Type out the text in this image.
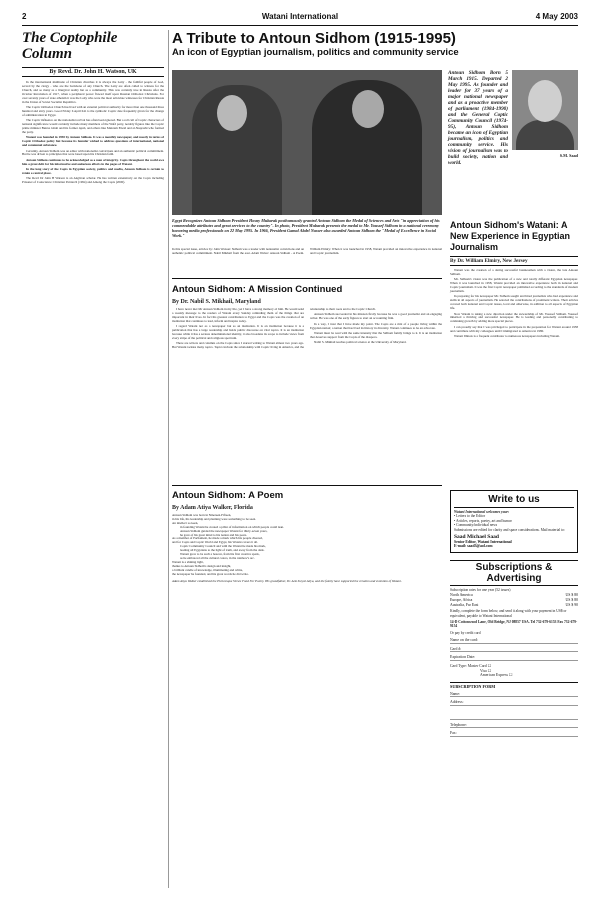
2	Watani International	4 May 2003
The Coptophile Column
By Revd. Dr. John H. Watson, UK

In the international multitude of Christian churches it is always the Laity - the faithful people of God, served by the clergy - who are the backbone of any Church. The Laity are often called to witness for the Church, and so many as a liturgical reality but as a community. This was certainly true in Russia after the October Revolution of 1917, when a peripheral power flowed itself upon Russian Orthodox Christians. For over seventy years of state atheism it was the Laity who were the most articulate witnesses for Christian Russia in the Union of Soviet Socialist Republics.

The Coptic Orthodox Church has lived with an external political authority for more than one thousand three hundred and sixty years. Good Friday 6 April 641 is the symbolic Coptic date frequently given for the change of administration in Egypt.

The Coptic influence on the nationalist revival has often been ignored. But a roll call of Coptic characters of national significance would certainly include many members of the Wafd party, notably figures like the Coptic prime minister Butrus Ghali and his former Ayub, and others like Makram Ebeid and al-Nuqrashi who formed the party.

Watani was founded in 1958 by Antoun Sidhom. It was a monthly newspaper, and mostly in terms of Coptic Orthodox policy but because its founder wished to address questions of international, national and communal substance.

Certainly, Antoun Sidhom was an editor with nationalist convictions and an authentic political commitment. But he was driven to principles that were based upon his Christian faith.

Antoun Sidhom continues to be acknowledged as a man of integrity. Copts throughout the world owe him a great debt for his informative and audacious efforts in the pages of Watani.

In the long story of the Copts in Egyptian society, politics and media, Antoun Sidhom is certain to retain a central place.

The Revd Dr John H Watson is an Anglican scholar. He has written extensively on the Copts including Prisoner of Conscience: Christian Patriarch (1994) and Among the Copts (2000).

A Tribute to Antoun Sidhom (1915-1995)
An icon of Egyptian journalism, politics and community service
Egypt Recognizes Antoun Sidhom President Hosny Mubarak posthumously granted Antoun Sidhom the Medal of Sciences and Arts "in appreciation of his commendable attributes and great services to the country". In photo, President Mubarak presents the medal to Mr. Youssef Sidhom in a national ceremony honoring media professionals on 22 May 1995. In 1966, President Gamal Abdel Nasser also awarded Antoun Sidhom the "Medal of Excellence in Social Work."
Antoun Sidhom Born 5 March 1915. Departed 2 May 1995. As founder and leader for 37 years of a major national newspaper and as a proactive member of parliament (1984-1990) and the General Coptic Community Council (1974-95), Antoun Sidhom became an icon of Egyptian journalism, politics and community service. His vision of journalism was to build society, nation and world.
S.M. Saad
In this special issue, articles by: John Watson: Sidhom was a leader with nationalist convictions and an authentic political commitment. Nabil Mikhail from the east. Adam Weber: Antoun Sidhom - A Poem. William Elmiry: When it was launched in 1958, Watani provided an innovative experience in national and Coptic journalism.
Antoun Sidhom: A Mission Continued
By Dr. Nabil S. Mikhail, Maryland

I have never met Mr Antoun Sidhom in my life, yet I have a strong memory of him. He would send a weekly message to the readers of Watani every Sunday reminding them of the things that are important in their lives. In fact his greatest contribution to Egypt and the Copts was the creation of an institution that continues to lead, inform and inspire today.

I regard Watani not as a newspaper but as an institution. It is an institution because it is a publication that has a large readership and holds public discourse on vital topics. It is an institution because while it has a serious denominational identity, it also broadens its scope to include views from every stripe of the political and religious spectrum.

There are writers and columns on the Copts since I started writing to Watani almost two years ago. But Watani tackles many topics. Topics include the relationship with Coptic living in America, and the relationship to their roots and to the Coptic Church.

Antoun Sidhom succeeded in his mission firstly because he was a good journalist and an engaging writer. He was one of the early figures to start an accounting firm.

In a way, I trust that I have made my point. The Copts are a mix of a people living within the Egyptian nation; a nation that has lived its history in diversity. Watani continues to be an advocate.

Watani must be read with the same intensity that the Sidhom family brings to it. It is an institution that deserves support from the Copts of the diaspora.

Nabil S. Mikhail teaches political science at the University of Maryland.

Antoun Sidhom: A Poem
By Adam Atiya Walker, Florida
Antoun Sidhom was born in Nineteen-Fifteen,
in his life, his leadership and planning were something to be seen.
An intellect so keen,
in founding Watani he created a pillar of information on which people could lean.
Antoun Sidhom guided the newspaper Watani for thirty-seven years,
he gave of his great mind to his nation and his peers.
As a member of Parliament, he made a mark which his people cheered,
and for Copts and Coptic World and Egypt, his Watani covers it all.
Coptic Community Council and with the Watani he made his mark,
leading all Egyptians to the light of truth, and away from the dark.
Watani grew to be such a beacon, from his first creative spark,
as he embraced all the cultural colors, in the rainbow's arc.
Watani is a shining light,
thanks to Antoun Sidhom's design and insight,
a brilliant candle of knowledge, illuminating and white,
the newspaper he founded, and his great words he did write.
Adam Atiya Walker established the Picturesque Verses Fund For Poetry. His grandfather, Dr. Aziz Suryal Atiya, and the family have supported the creation and evolution of Watani.
Antoun Sidhom's Watani: A New Experience in Egyptian Journalism
By Dr. William Elmiry, New Jersey

Watani was the creation of a daring successful businessman with a vision, the late Antoun Sidhom.

Mr. Sidhom's vision was the publication of a new and totally different Egyptian newspaper. When it was launched in 1958, Watani provided an innovative experience both in national and Coptic journalism. It was the first Coptic newspaper published according to the standards of modern journalism.

In preparing for his newspaper Mr. Sidhom sought and hired journalists who had experience and skills in all aspects of journalism. He selected the contributions of prominent writers. Their articles covered both national and Coptic issues, local and otherwise, in addition to all aspects of Egyptian life.

Now Watani is taking a new direction under the stewardship of Mr. Youssef Sidhom. Youssef inherited a thriving and successful newspaper. He is leading and personally contributing to continuing growth by adding more special pieces.

I can proudly say that I was privileged to participate in the preparation for Watani around 1958 and contribute with my colleagues until I immigrated to America in 1980.

Watani Illinois is a frequent contributor to numerous newspapers including Watani.

Write to us
Watani International welcomes your:
• Letters to the Editor
• Articles, reports, poetry, art and humor
• Community/individual news
Submissions are edited for clarity and space considerations. Mail material to:
Saad Michael Saad
Senior Editor, Watani International
E-mail: saad3@aol.com
Subscriptions & Advertising
Subscription rates for one year (52 issues)
North America	US $ 80
Europe, Africa	US $ 80
Australia, Far East	US $ 90
Kindly, complete the form below, and send it along with your payment in US$ or equivalent, payable to Watani International
14-D Cottonwood Lane, Old Bridge, NJ 08857 USA. Tel 732-679-6153 Fax 732-679-9154
Or pay by credit card
Name on the card:
Card #:
Expiration Date:
Card Type: Master Card ☐
Visa ☐
American Express ☐
SUBSCRIPTION FORM
Name:
Address:

Telephone:
Fax:
